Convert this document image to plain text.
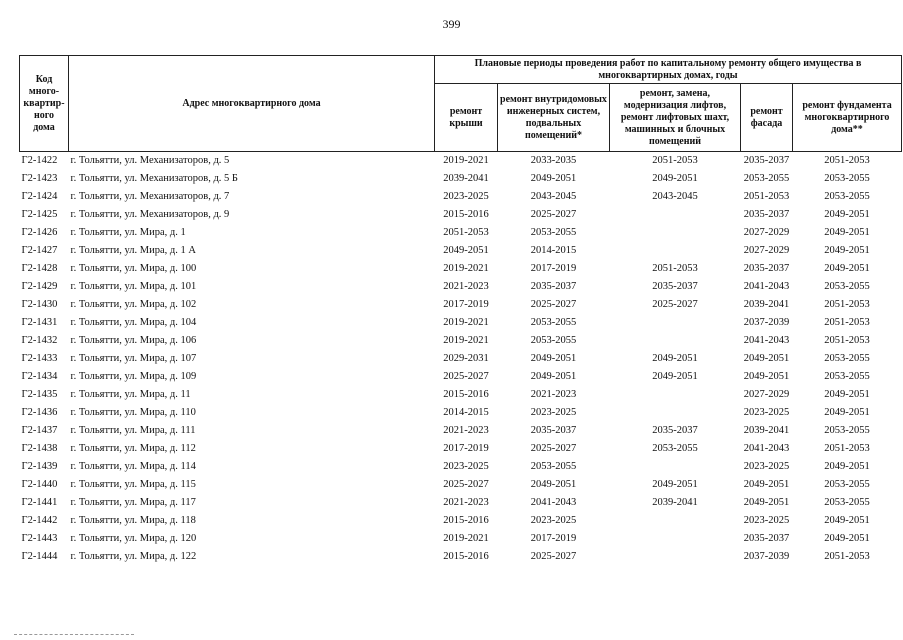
399
Код много-квартир-ного дома	Адрес многоквартирного дома	Плановые периоды проведения работ по капитальному ремонту общего имущества в многоквартирных домах, годы				
		ремонт крыши	ремонт внутридомовых инженерных систем, подвальных помещений*	ремонт, замена, модернизация лифтов, ремонт лифтовых шахт, машинных и блочных помещений	ремонт фасада	ремонт фундамента многоквартирного дома**
Г2-1422	г. Тольятти, ул. Механизаторов, д. 5	2019-2021	2033-2035	2051-2053	2035-2037	2051-2053
Г2-1423	г. Тольятти, ул. Механизаторов, д. 5 Б	2039-2041	2049-2051	2049-2051	2053-2055	2053-2055
Г2-1424	г. Тольятти, ул. Механизаторов, д. 7	2023-2025	2043-2045	2043-2045	2051-2053	2053-2055
Г2-1425	г. Тольятти, ул. Механизаторов, д. 9	2015-2016	2025-2027		2035-2037	2049-2051
Г2-1426	г. Тольятти, ул. Мира, д. 1	2051-2053	2053-2055		2027-2029	2049-2051
Г2-1427	г. Тольятти, ул. Мира, д. 1 А	2049-2051	2014-2015		2027-2029	2049-2051
Г2-1428	г. Тольятти, ул. Мира, д. 100	2019-2021	2017-2019	2051-2053	2035-2037	2049-2051
Г2-1429	г. Тольятти, ул. Мира, д. 101	2021-2023	2035-2037	2035-2037	2041-2043	2053-2055
Г2-1430	г. Тольятти, ул. Мира, д. 102	2017-2019	2025-2027	2025-2027	2039-2041	2051-2053
Г2-1431	г. Тольятти, ул. Мира, д. 104	2019-2021	2053-2055		2037-2039	2051-2053
Г2-1432	г. Тольятти, ул. Мира, д. 106	2019-2021	2053-2055		2041-2043	2051-2053
Г2-1433	г. Тольятти, ул. Мира, д. 107	2029-2031	2049-2051	2049-2051	2049-2051	2053-2055
Г2-1434	г. Тольятти, ул. Мира, д. 109	2025-2027	2049-2051	2049-2051	2049-2051	2053-2055
Г2-1435	г. Тольятти, ул. Мира, д. 11	2015-2016	2021-2023		2027-2029	2049-2051
Г2-1436	г. Тольятти, ул. Мира, д. 110	2014-2015	2023-2025		2023-2025	2049-2051
Г2-1437	г. Тольятти, ул. Мира, д. 111	2021-2023	2035-2037	2035-2037	2039-2041	2053-2055
Г2-1438	г. Тольятти, ул. Мира, д. 112	2017-2019	2025-2027	2053-2055	2041-2043	2051-2053
Г2-1439	г. Тольятти, ул. Мира, д. 114	2023-2025	2053-2055		2023-2025	2049-2051
Г2-1440	г. Тольятти, ул. Мира, д. 115	2025-2027	2049-2051	2049-2051	2049-2051	2053-2055
Г2-1441	г. Тольятти, ул. Мира, д. 117	2021-2023	2041-2043	2039-2041	2049-2051	2053-2055
Г2-1442	г. Тольятти, ул. Мира, д. 118	2015-2016	2023-2025		2023-2025	2049-2051
Г2-1443	г. Тольятти, ул. Мира, д. 120	2019-2021	2017-2019		2035-2037	2049-2051
Г2-1444	г. Тольятти, ул. Мира, д. 122	2015-2016	2025-2027		2037-2039	2051-2053
